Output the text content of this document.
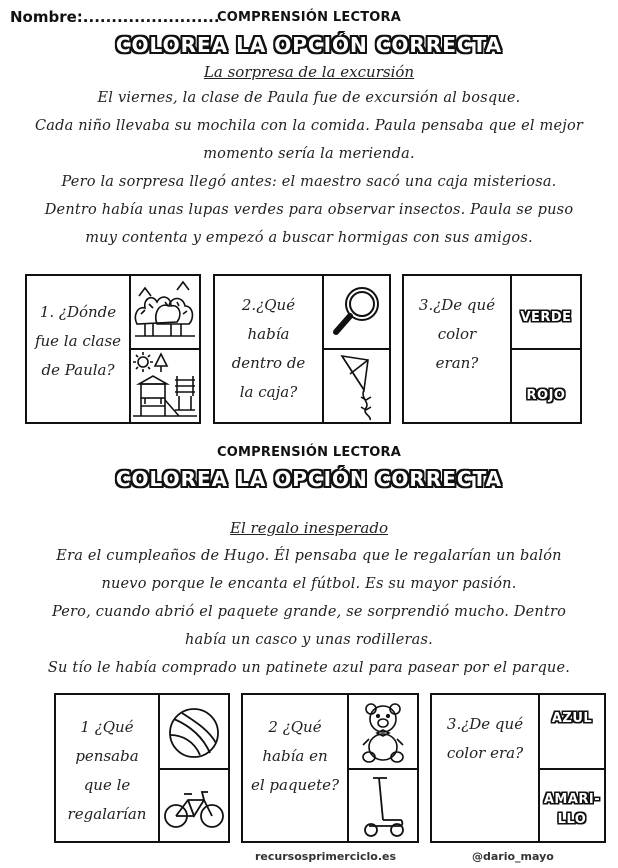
Nombre:........................
COMPRENSIÓN LECTORA
COLOREA LA OPCIÓN CORRECTA
La sorpresa de la excursión
El viernes, la clase de Paula fue de excursión al bosque.
Cada niño llevaba su mochila con la comida. Paula pensaba que el mejor
momento sería la merienda.
Pero la sorpresa llegó antes: el maestro sacó una caja misteriosa.
Dentro había unas lupas verdes para observar insectos. Paula se puso
muy contenta y empezó a buscar hormigas con sus amigos.
1. ¿Dónde
fue la clase
de Paula?
2.¿Qué
había
dentro de
la caja?
3.¿De qué
color
eran?
VERDE
ROJO
COMPRENSIÓN LECTORA
COLOREA LA OPCIÓN CORRECTA
El regalo inesperado
Era el cumpleaños de Hugo. Él pensaba que le regalarían un balón
nuevo porque le encanta el fútbol. Es su mayor pasión.
Pero, cuando abrió el paquete grande, se sorprendió mucho. Dentro
había un casco y unas rodilleras.
Su tío le había comprado un patinete azul para pasear por el parque.
1 ¿Qué
pensaba
que le
regalarían
2 ¿Qué
había en
el paquete?
3.¿De qué
color era?
AZUL
AMARI-
LLO
recursosprimerciclo.es	@dario_mayo
